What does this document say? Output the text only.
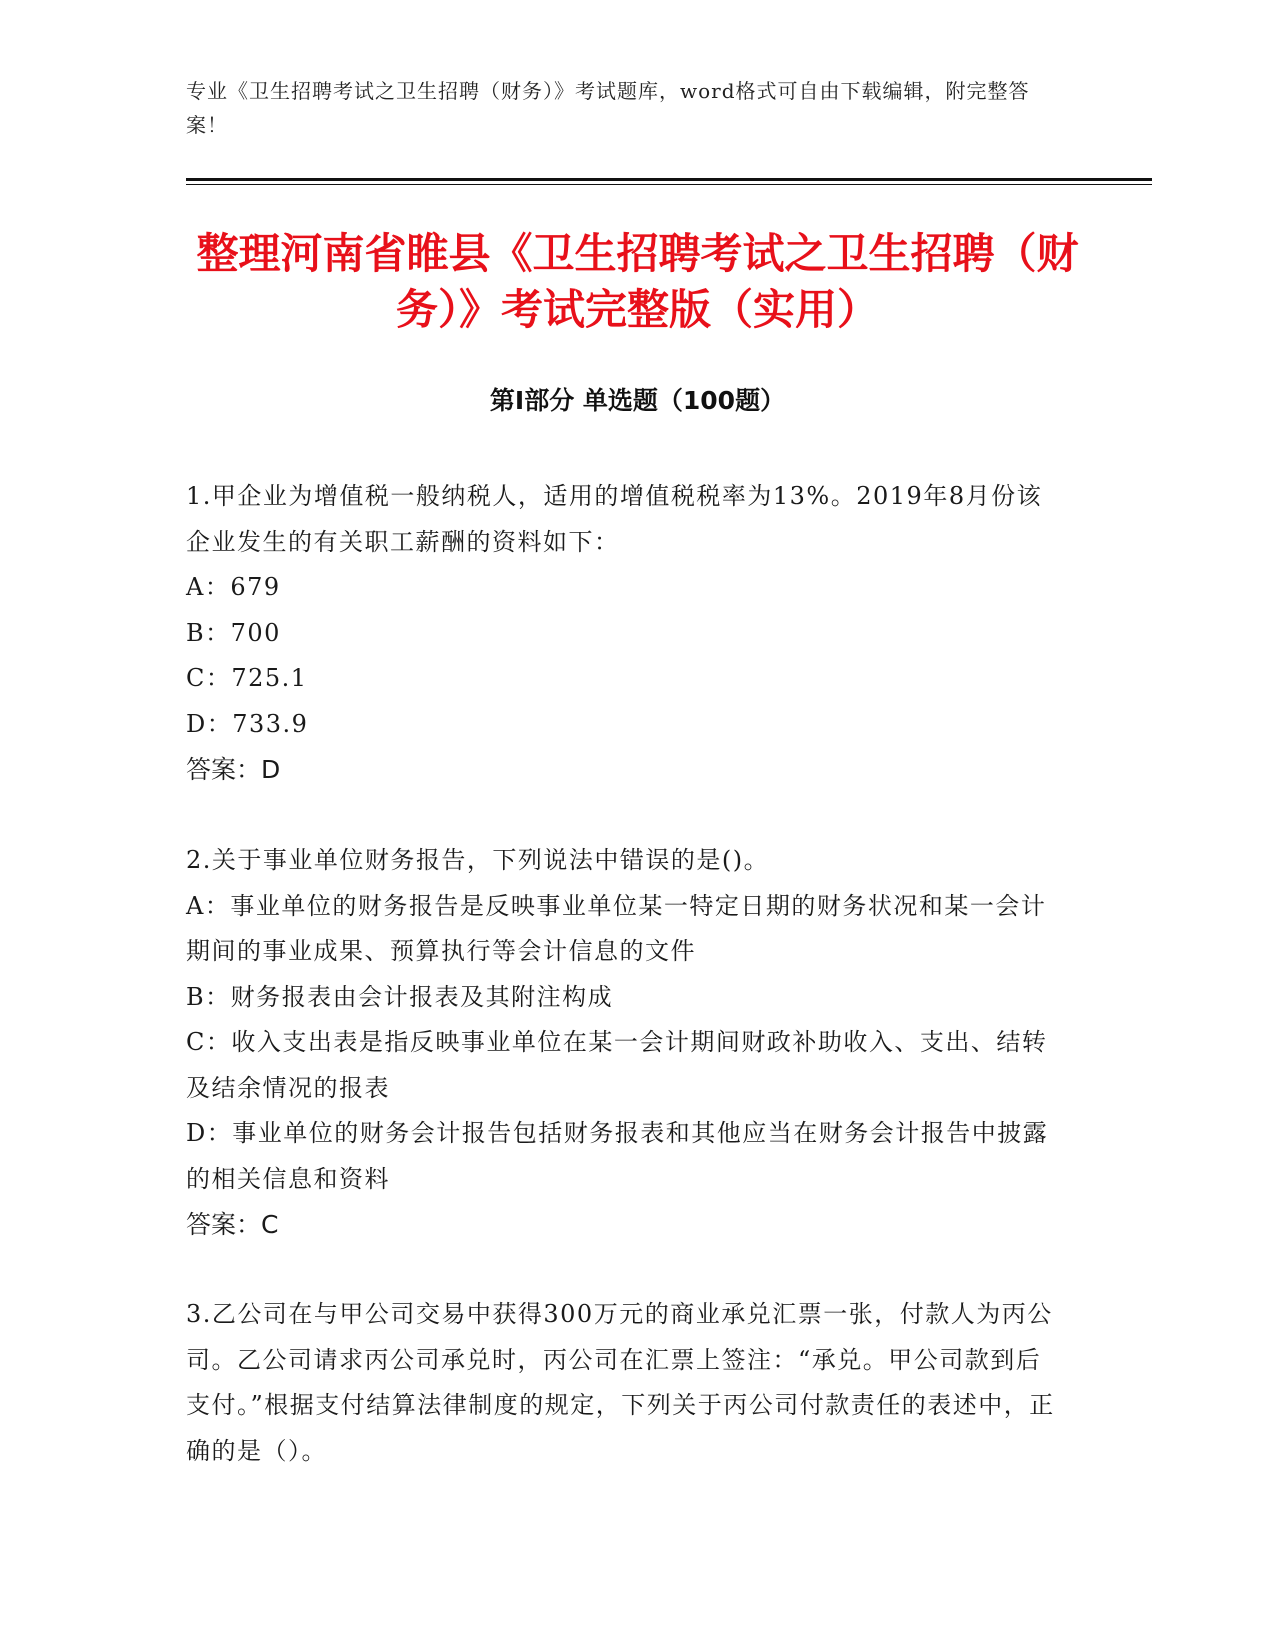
专业《卫生招聘考试之卫生招聘（财务）》考试题库，word格式可自由下载编辑，附完整答案！
整理河南省睢县《卫生招聘考试之卫生招聘（财务）》考试完整版（实用）
第Ⅰ部分 单选题（100题）

1.甲企业为增值税一般纳税人，适用的增值税税率为13%。2019年8月份该企业发生的有关职工薪酬的资料如下：

A：679

B：700

C：725.1

D：733.9

答案：D

2.关于事业单位财务报告，下列说法中错误的是()。

A：事业单位的财务报告是反映事业单位某一特定日期的财务状况和某一会计期间的事业成果、预算执行等会计信息的文件

B：财务报表由会计报表及其附注构成

C：收入支出表是指反映事业单位在某一会计期间财政补助收入、支出、结转及结余情况的报表

D：事业单位的财务会计报告包括财务报表和其他应当在财务会计报告中披露的相关信息和资料

答案：C

3.乙公司在与甲公司交易中获得300万元的商业承兑汇票一张，付款人为丙公司。乙公司请求丙公司承兑时，丙公司在汇票上签注：“承兑。甲公司款到后支付。”根据支付结算法律制度的规定，下列关于丙公司付款责任的表述中，正确的是（）。
